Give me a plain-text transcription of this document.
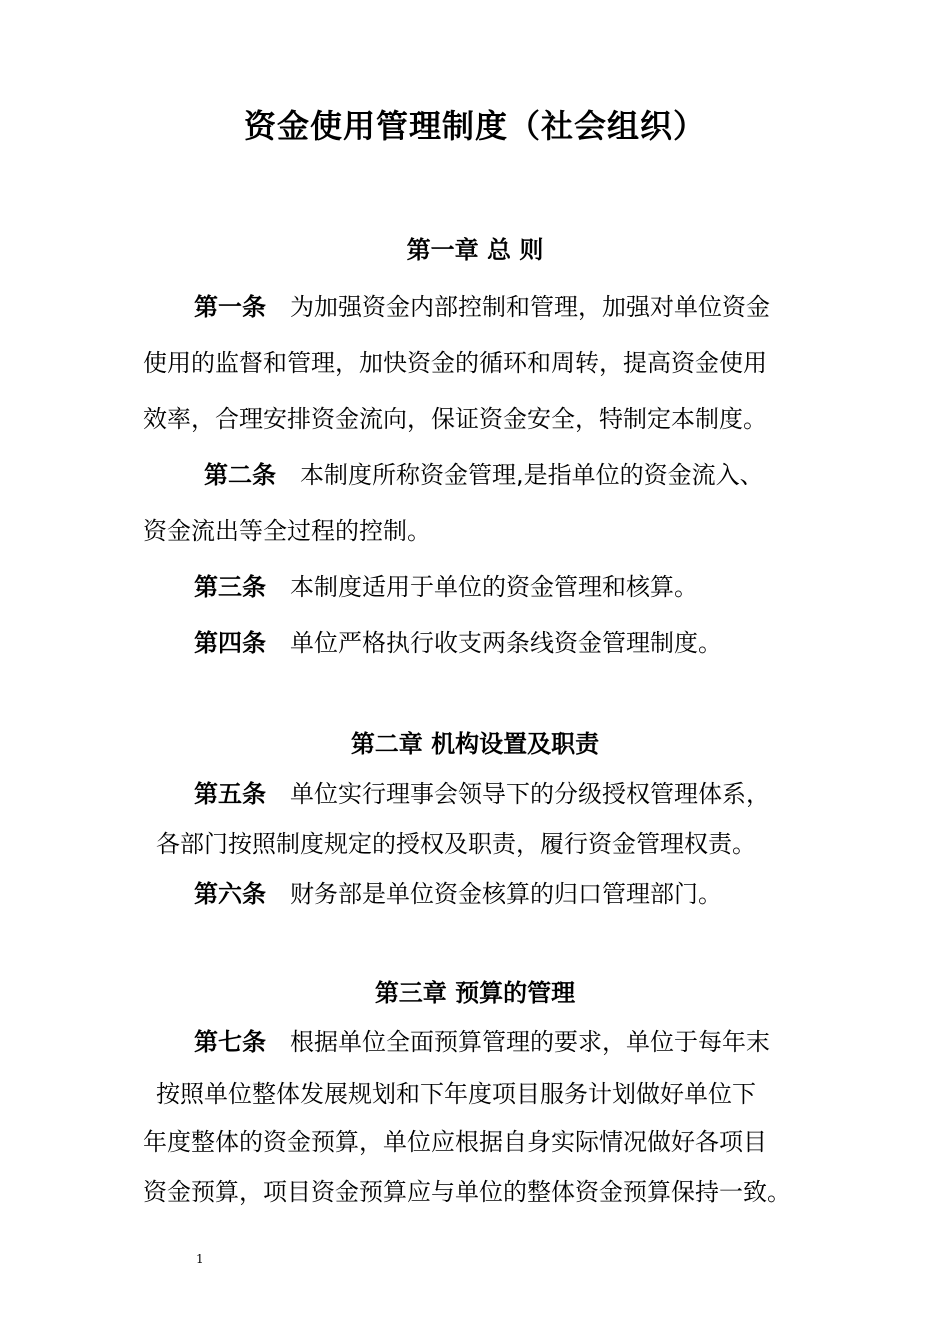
资金使用管理制度（社会组织）
第一章 总 则
第一条 为加强资金内部控制和管理，加强对单位资金
使用的监督和管理，加快资金的循环和周转，提高资金使用
效率，合理安排资金流向，保证资金安全，特制定本制度。
第二条 本制度所称资金管理,是指单位的资金流入、
资金流出等全过程的控制。
第三条 本制度适用于单位的资金管理和核算。
第四条 单位严格执行收支两条线资金管理制度。
第二章 机构设置及职责
第五条 单位实行理事会领导下的分级授权管理体系，
各部门按照制度规定的授权及职责，履行资金管理权责。
第六条 财务部是单位资金核算的归口管理部门。
第三章 预算的管理
第七条 根据单位全面预算管理的要求，单位于每年末
按照单位整体发展规划和下年度项目服务计划做好单位下
年度整体的资金预算，单位应根据自身实际情况做好各项目
资金预算，项目资金预算应与单位的整体资金预算保持一致。
1
